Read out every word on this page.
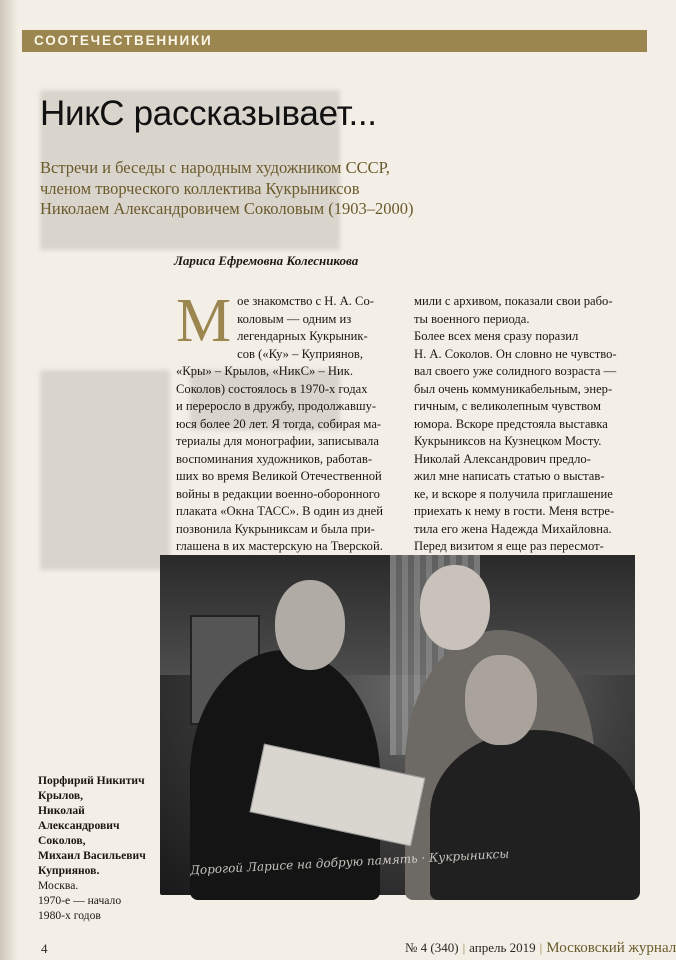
СООТЕЧЕСТВЕННИКИ
НикС рассказывает...
Встречи и беседы с народным художником СССР,
членом творческого коллектива Кукрыниксов
Николаем Александровичем Соколовым (1903–2000)
Лариса Ефремовна Колесникова
М ое знакомство с Н. А. Со-
коловым — одним из
легендарных Кукрыник-
сов («Ку» – Куприянов,
«Кры» – Крылов, «НикС» – Ник.
Соколов) состоялось в 1970-х годах
и переросло в дружбу, продолжавшу-
юся более 20 лет. Я тогда, собирая ма-
териалы для монографии, записывала
воспоминания художников, работав-
ших во время Великой Отечественной
войны в редакции военно-оборонного
плаката «Окна ТАСС». В один из дней
позвонила Кукрыниксам и была при-
глашена в их мастерскую на Тверской.
мили с архивом, показали свои рабо-
ты военного периода.
Более всех меня сразу поразил
Н. А. Соколов. Он словно не чувство-
вал своего уже солидного возраста —
был очень коммуникабельным, энер-
гичным, с великолепным чувством
юмора. Вскоре предстояла выставка
Кукрыниксов на Кузнецком Мосту.
Николай Александрович предло-
жил мне написать статью о выстав-
ке, и вскоре я получила приглашение
приехать к нему в гости. Меня встре-
тила его жена Надежда Михайловна.
Перед визитом я еще раз пересмот-
Дорогой Ларисе на добрую память · Кукрыниксы
Порфирий Никитич
Крылов,
Николай
Александрович
Соколов,
Михаил Васильевич
Куприянов.
Москва.
1970-е — начало
1980-х годов
4	№ 4 (340) | апрель 2019 | Московский журнал
